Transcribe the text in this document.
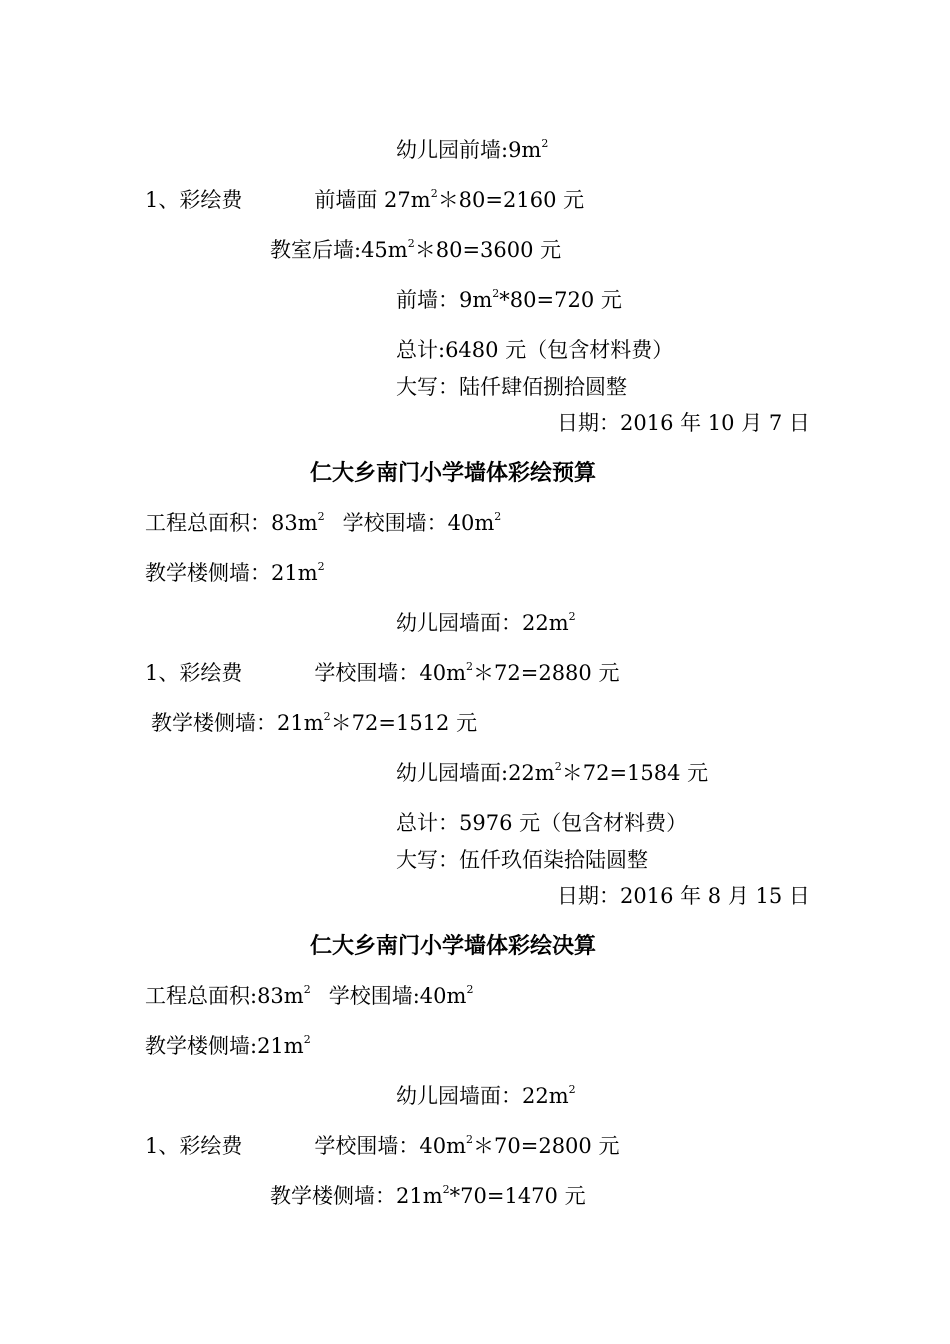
幼儿园前墙$:9m^2$
1、彩绘费	前墙面 $27m^2*80=2160$ 元
教室后墙$:45m^2*80=3600$ 元
前墙：$9m^2*80=720$ 元
总计:6480 元（包含材料费）
大写：陆仟肆佰捌拾圆整
日期：2016 年 10 月 7 日
仁大乡南门小学墙体彩绘预算
工程总面积：$83m^2$ 学校围墙：$40m^2$
教学楼侧墙：$21m^2$
幼儿园墙面：$22m^2$
1、彩绘费	学校围墙：$40m^2*72=2880$ 元
教学楼侧墙：$21m^2*72=1512$ 元
幼儿园墙面$:22m^2*72=1584$ 元
总计：5976 元（包含材料费）
大写：伍仟玖佰柒拾陆圆整
日期：2016 年 8 月 15 日
仁大乡南门小学墙体彩绘决算
工程总面积$:83m^2$ 学校围墙$:40m^2$
教学楼侧墙$:21m^2$
幼儿园墙面：$22m^2$
1、彩绘费	学校围墙：$40m^2*70=2800$ 元
教学楼侧墙：$21m^2*70=1470$ 元
